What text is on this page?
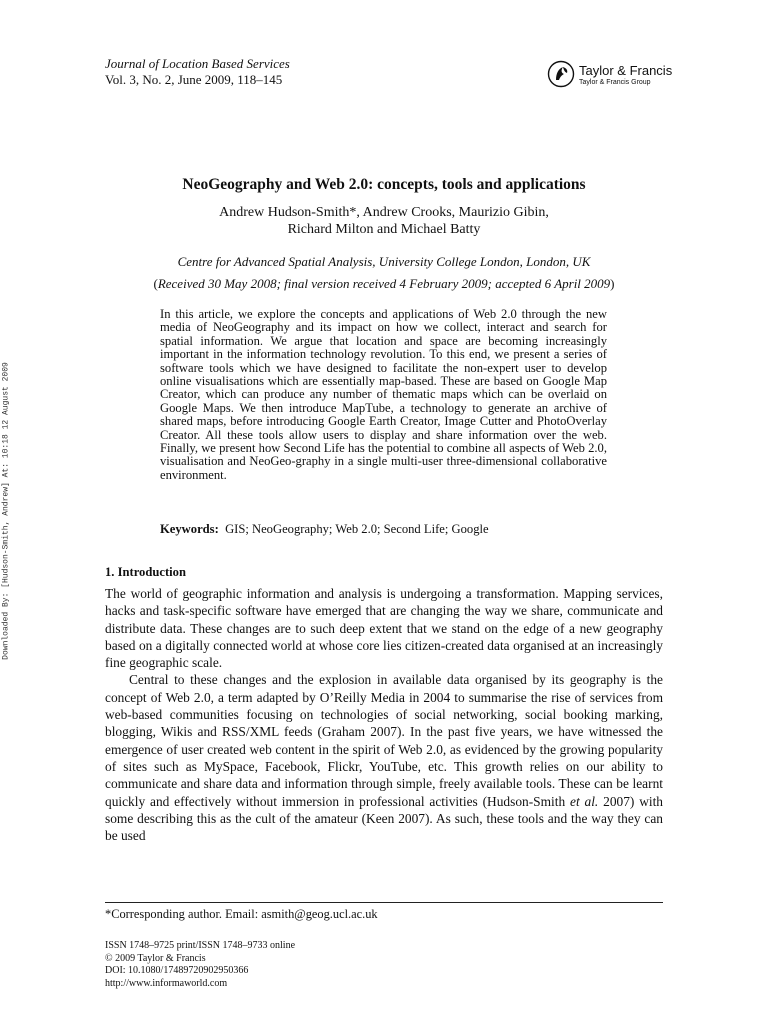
Journal of Location Based Services
Vol. 3, No. 2, June 2009, 118–145
Taylor & Francis
Taylor & Francis Group
Downloaded By: [Hudson-Smith, Andrew] At: 10:18 12 August 2009
NeoGeography and Web 2.0: concepts, tools and applications
Andrew Hudson-Smith*, Andrew Crooks, Maurizio Gibin,
Richard Milton and Michael Batty
Centre for Advanced Spatial Analysis, University College London, London, UK
(Received 30 May 2008; final version received 4 February 2009; accepted 6 April 2009)

In this article, we explore the concepts and applications of Web 2.0 through the new media of NeoGeography and its impact on how we collect, interact and search for spatial information. We argue that location and space are becoming increasingly important in the information technology revolution. To this end, we present a series of software tools which we have designed to facilitate the non-expert user to develop online visualisations which are essentially map-based. These are based on Google Map Creator, which can produce any number of thematic maps which can be overlaid on Google Maps. We then introduce MapTube, a technology to generate an archive of shared maps, before introducing Google Earth Creator, Image Cutter and PhotoOverlay Creator. All these tools allow users to display and share information over the web. Finally, we present how Second Life has the potential to combine all aspects of Web 2.0, visualisation and NeoGeo-graphy in a single multi-user three-dimensional collaborative environment.

Keywords: GIS; NeoGeography; Web 2.0; Second Life; Google
1. Introduction

The world of geographic information and analysis is undergoing a transformation. Mapping services, hacks and task-specific software have emerged that are changing the way we share, communicate and distribute data. These changes are to such deep extent that we stand on the edge of a new geography based on a digitally connected world at whose core lies citizen-created data organised at an increasingly fine geographic scale.

Central to these changes and the explosion in available data organised by its geography is the concept of Web 2.0, a term adapted by O’Reilly Media in 2004 to summarise the rise of services from web-based communities focusing on technologies of social networking, social booking marking, blogging, Wikis and RSS/XML feeds (Graham 2007). In the past five years, we have witnessed the emergence of user created web content in the spirit of Web 2.0, as evidenced by the growing popularity of sites such as MySpace, Facebook, Flickr, YouTube, etc. This growth relies on our ability to communicate and share data and information through simple, freely available tools. These can be learnt quickly and effectively without immersion in professional activities (Hudson-Smith et al. 2007) with some describing this as the cult of the amateur (Keen 2007). As such, these tools and the way they can be used

*Corresponding author. Email: asmith@geog.ucl.ac.uk
ISSN 1748–9725 print/ISSN 1748–9733 online
© 2009 Taylor & Francis
DOI: 10.1080/17489720902950366
http://www.informaworld.com
